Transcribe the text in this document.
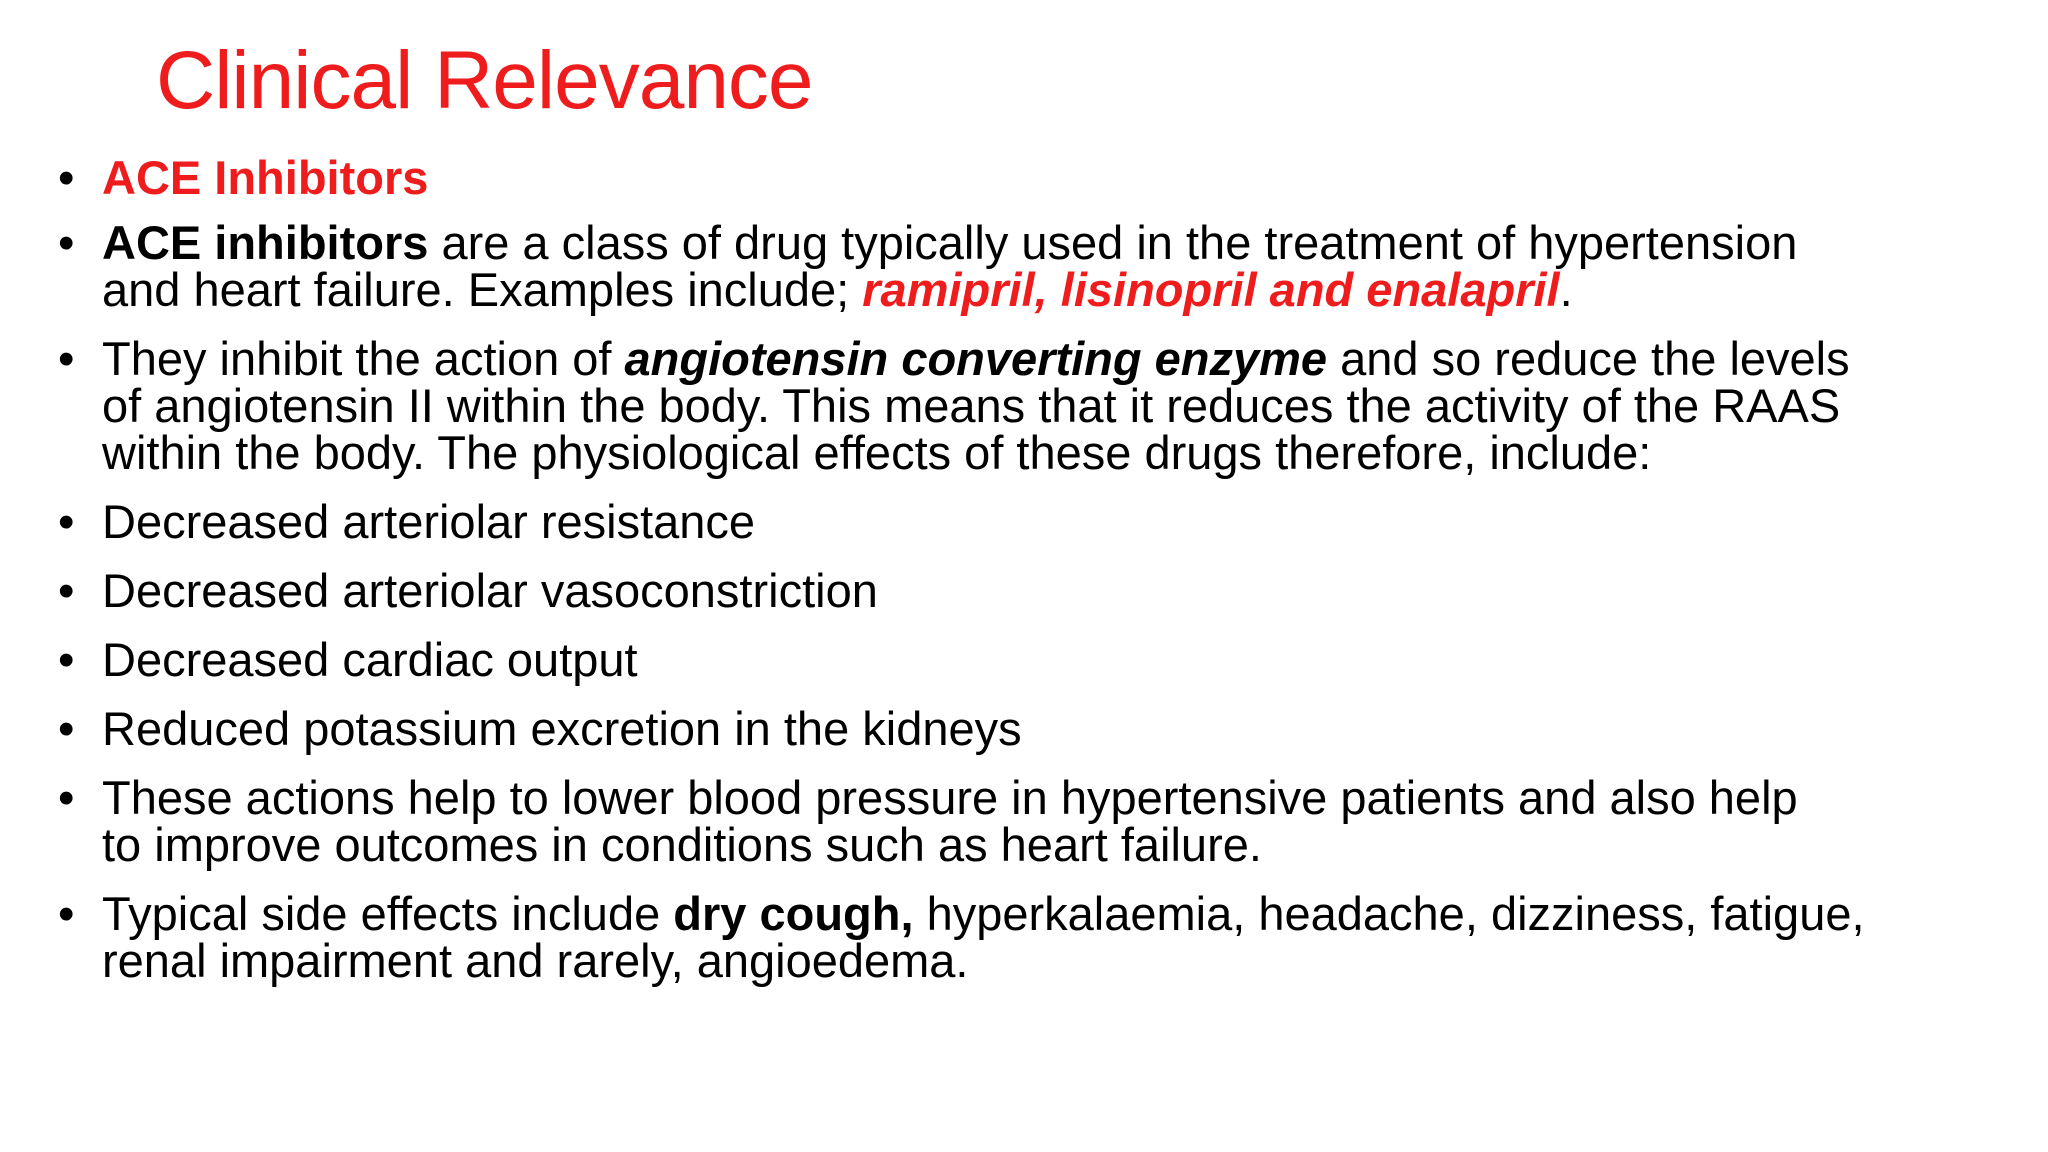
Clinical Relevance
• ACE Inhibitors
• ACE inhibitors are a class of drug typically used in the treatment of hypertension
and heart failure. Examples include; ramipril, lisinopril and enalapril.
• They inhibit the action of angiotensin converting enzyme and so reduce the levels
of angiotensin II within the body. This means that it reduces the activity of the RAAS
within the body. The physiological effects of these drugs therefore, include:
• Decreased arteriolar resistance
• Decreased arteriolar vasoconstriction
• Decreased cardiac output
• Reduced potassium excretion in the kidneys
• These actions help to lower blood pressure in hypertensive patients and also help
to improve outcomes in conditions such as heart failure.
• Typical side effects include dry cough, hyperkalaemia, headache, dizziness, fatigue,
renal impairment and rarely, angioedema.
